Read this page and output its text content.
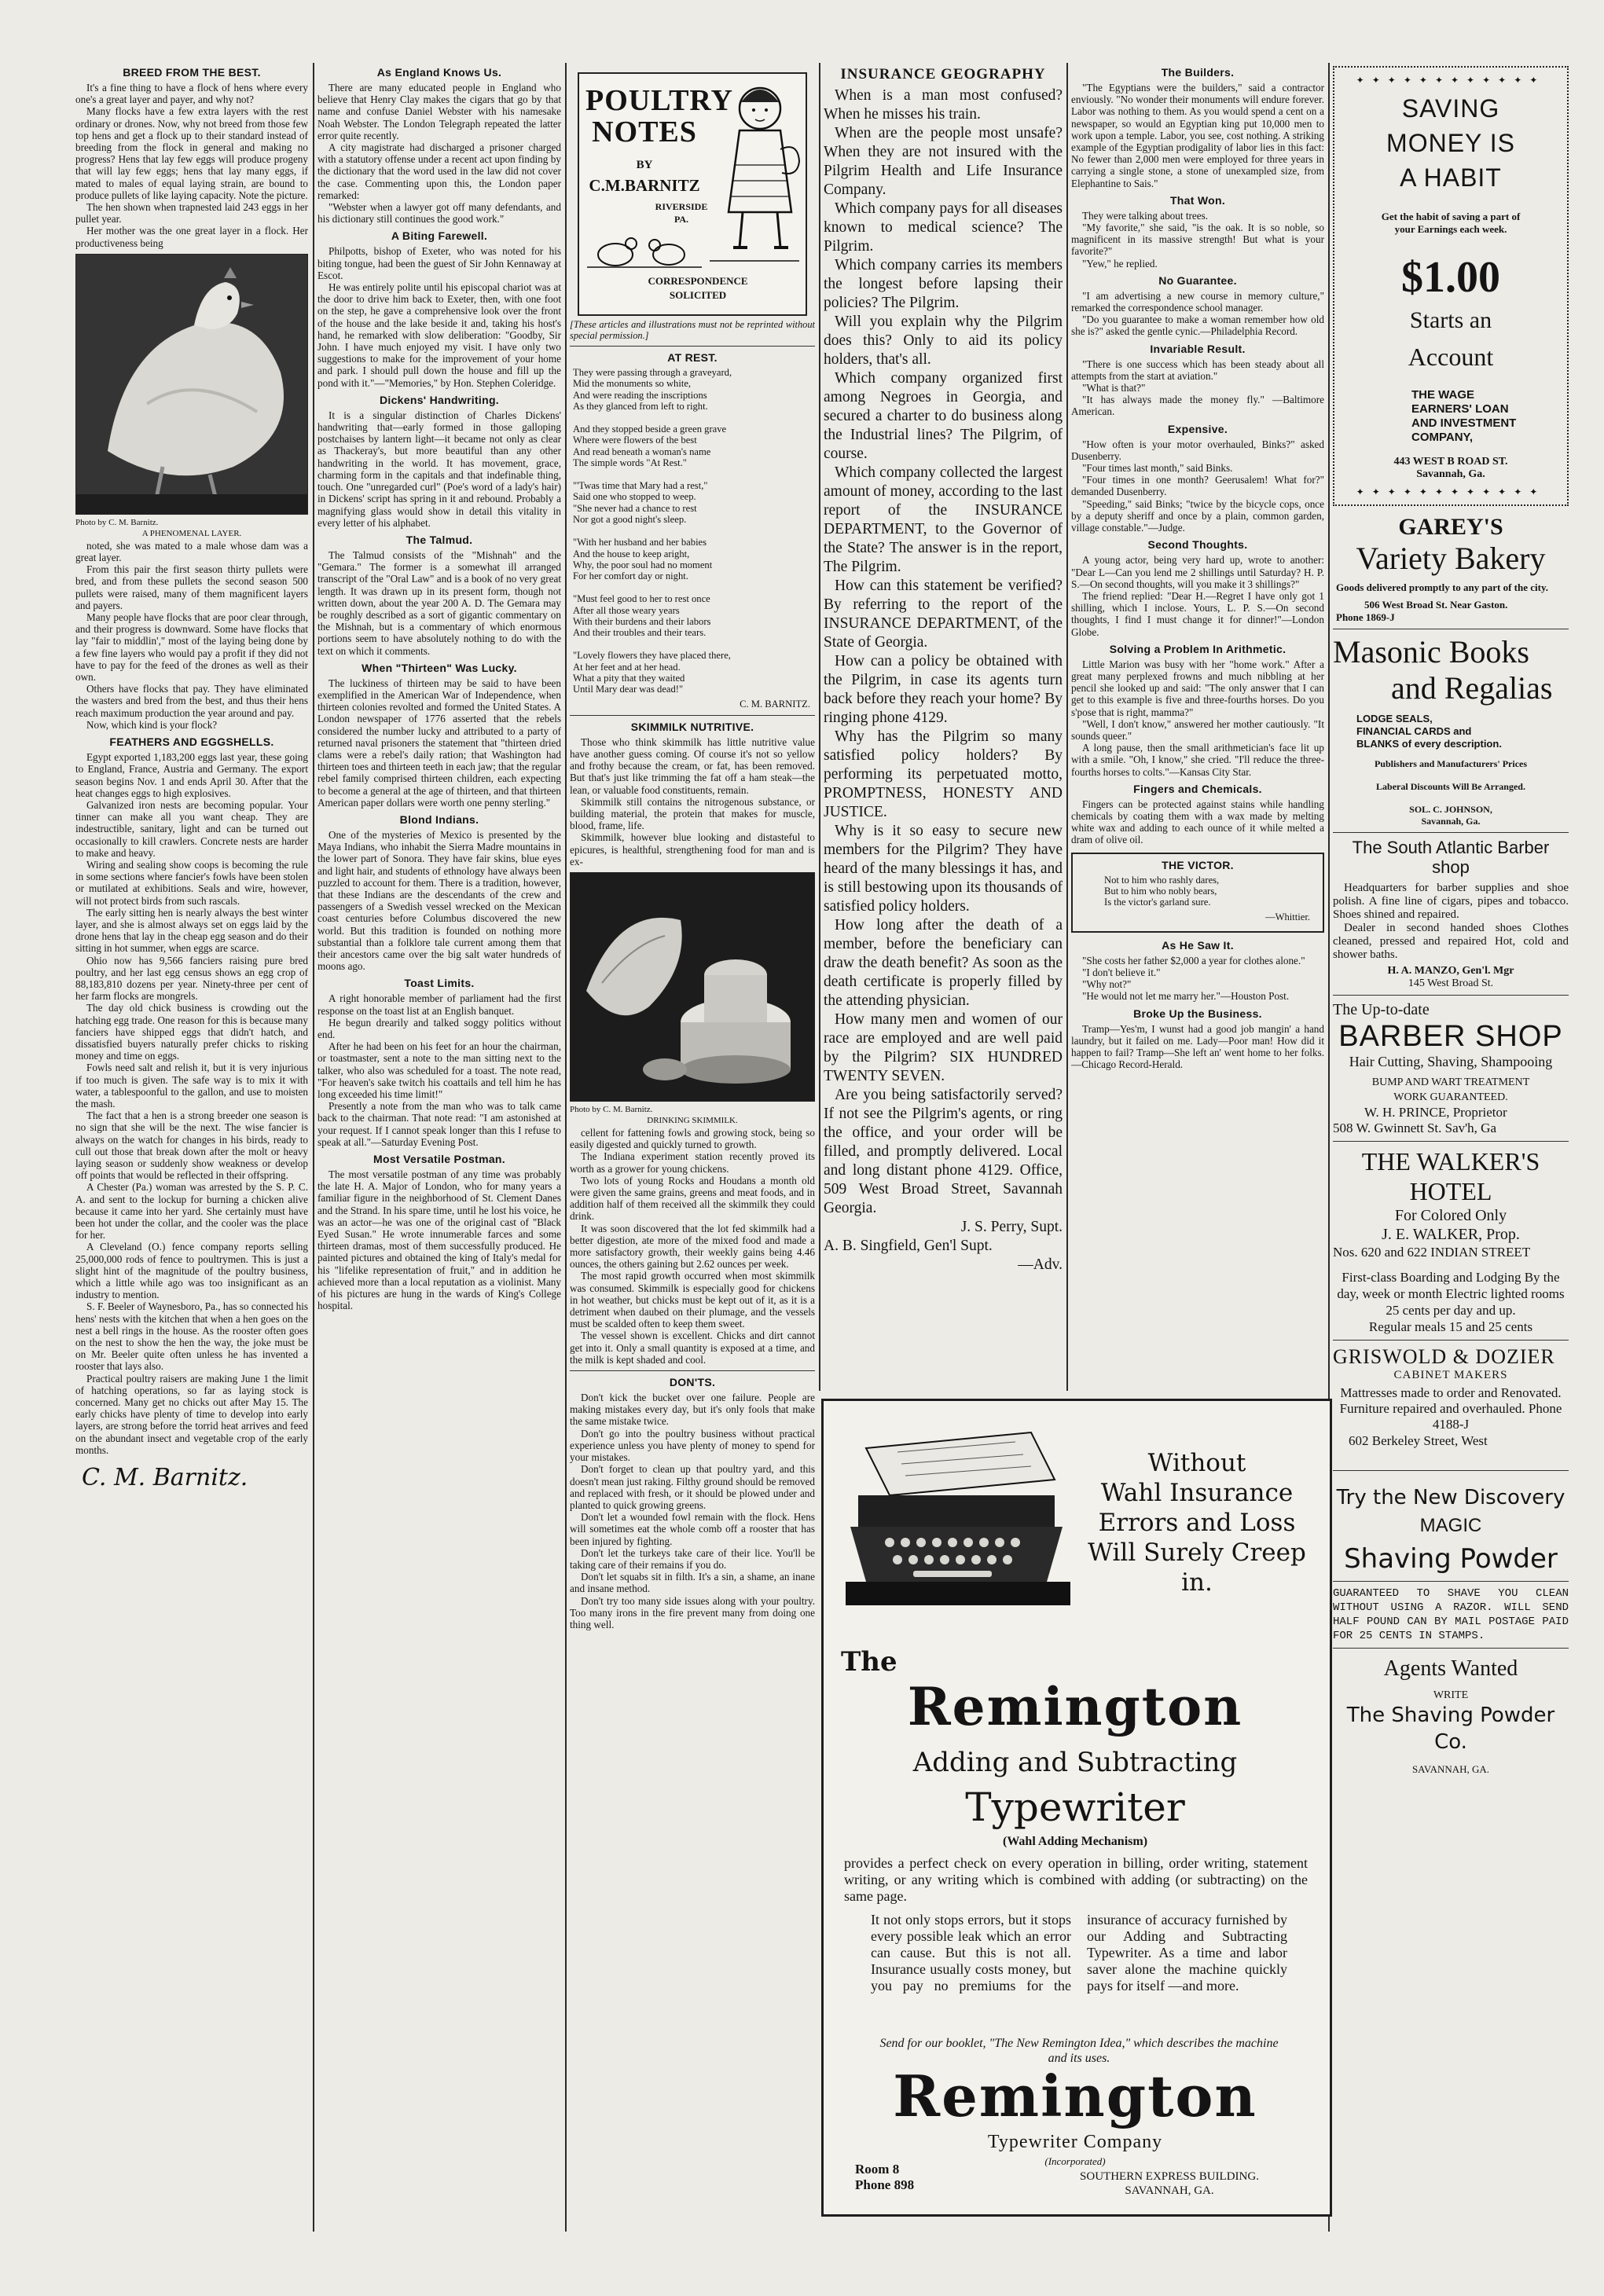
BREED FROM THE BEST.

It's a fine thing to have a flock of hens where every one's a great layer and payer, and why not?

Many flocks have a few extra layers with the rest ordinary or drones. Now, why not breed from those few top hens and get a flock up to their standard instead of breeding from the flock in general and making no progress? Hens that lay few eggs will produce progeny that will lay few eggs; hens that lay many eggs, if mated to males of equal laying strain, are bound to produce pullets of like laying capacity. Note the picture.

The hen shown when trapnested laid 243 eggs in her pullet year.

Her mother was the one great layer in a flock. Her productiveness being

Photo by C. M. Barnitz.
A PHENOMENAL LAYER.

noted, she was mated to a male whose dam was a great layer.

From this pair the first season thirty pullets were bred, and from these pullets the second season 500 pullets were raised, many of them magnificent layers and payers.

Many people have flocks that are poor clear through, and their progress is downward. Some have flocks that lay "fair to middlin'," most of the laying being done by a few fine layers who would pay a profit if they did not have to pay for the feed of the drones as well as their own.

Others have flocks that pay. They have eliminated the wasters and bred from the best, and thus their hens reach maximum production the year around and pay.

Now, which kind is your flock?

FEATHERS AND EGGSHELLS.

Egypt exported 1,183,200 eggs last year, these going to England, France, Austria and Germany. The export season begins Nov. 1 and ends April 30. After that the heat changes eggs to high explosives.

Galvanized iron nests are becoming popular. Your tinner can make all you want cheap. They are indestructible, sanitary, light and can be turned out occasionally to kill crawlers. Concrete nests are harder to make and heavy.

Wiring and sealing show coops is becoming the rule in some sections where fancier's fowls have been stolen or mutilated at exhibitions. Seals and wire, however, will not protect birds from such rascals.

The early sitting hen is nearly always the best winter layer, and she is almost always set on eggs laid by the drone hens that lay in the cheap egg season and do their sitting in hot summer, when eggs are scarce.

Ohio now has 9,566 fanciers raising pure bred poultry, and her last egg census shows an egg crop of 88,183,810 dozens per year. Ninety-three per cent of her farm flocks are mongrels.

The day old chick business is crowding out the hatching egg trade. One reason for this is because many fanciers have shipped eggs that didn't hatch, and dissatisfied buyers naturally prefer chicks to risking money and time on eggs.

Fowls need salt and relish it, but it is very injurious if too much is given. The safe way is to mix it with water, a tablespoonful to the gallon, and use to moisten the mash.

The fact that a hen is a strong breeder one season is no sign that she will be the next. The wise fancier is always on the watch for changes in his birds, ready to cull out those that break down after the molt or heavy laying season or suddenly show weakness or develop off points that would be reflected in their offspring.

A Chester (Pa.) woman was arrested by the S. P. C. A. and sent to the lockup for burning a chicken alive because it came into her yard. She certainly must have been hot under the collar, and the cooler was the place for her.

A Cleveland (O.) fence company reports selling 25,000,000 rods of fence to poultrymen. This is just a slight hint of the magnitude of the poultry business, which a little while ago was too insignificant as an industry to mention.

S. F. Beeler of Waynesboro, Pa., has so connected his hens' nests with the kitchen that when a hen goes on the nest a bell rings in the house. As the rooster often goes on the nest to show the hen the way, the joke must be on Mr. Beeler quite often unless he has invented a rooster that lays also.

Practical poultry raisers are making June 1 the limit of hatching operations, so far as laying stock is concerned. Many get no chicks out after May 15. The early chicks have plenty of time to develop into early layers, are strong before the torrid heat arrives and feed on the abundant insect and vegetable crop of the early months.

C. M. Barnitz.
As England Knows Us.

There are many educated people in England who believe that Henry Clay makes the cigars that go by that name and confuse Daniel Webster with his namesake Noah Webster. The London Telegraph repeated the latter error quite recently.

A city magistrate had discharged a prisoner charged with a statutory offense under a recent act upon finding by the dictionary that the word used in the law did not cover the case. Commenting upon this, the London paper remarked:

"Webster when a lawyer got off many defendants, and his dictionary still continues the good work."

A Biting Farewell.

Philpotts, bishop of Exeter, who was noted for his biting tongue, had been the guest of Sir John Kennaway at Escot.

He was entirely polite until his episcopal chariot was at the door to drive him back to Exeter, then, with one foot on the step, he gave a comprehensive look over the front of the house and the lake beside it and, taking his host's hand, he remarked with slow deliberation: "Goodby, Sir John. I have much enjoyed my visit. I have only two suggestions to make for the improvement of your home and park. I should pull down the house and fill up the pond with it."—"Memories," by Hon. Stephen Coleridge.

Dickens' Handwriting.

It is a singular distinction of Charles Dickens' handwriting that—early formed in those galloping postchaises by lantern light—it became not only as clear as Thackeray's, but more beautiful than any other handwriting in the world. It has movement, grace, charming form in the capitals and that indefinable thing, touch. One "unregarded curl" (Poe's word of a lady's hair) in Dickens' script has spring in it and rebound. Probably a magnifying glass would show in detail this vitality in every letter of his alphabet.

The Talmud.

The Talmud consists of the "Mishnah" and the "Gemara." The former is a somewhat ill arranged transcript of the "Oral Law" and is a book of no very great length. It was drawn up in its present form, though not written down, about the year 200 A. D. The Gemara may be roughly described as a sort of gigantic commentary on the Mishnah, but is a commentary of which enormous portions seem to have absolutely nothing to do with the text on which it comments.

When "Thirteen" Was Lucky.

The luckiness of thirteen may be said to have been exemplified in the American War of Independence, when thirteen colonies revolted and formed the United States. A London newspaper of 1776 asserted that the rebels considered the number lucky and attributed to a party of returned naval prisoners the statement that "thirteen dried clams were a rebel's daily ration; that Washington had thirteen toes and thirteen teeth in each jaw; that the regular rebel family comprised thirteen children, each expecting to become a general at the age of thirteen, and that thirteen American paper dollars were worth one penny sterling."

Blond Indians.

One of the mysteries of Mexico is presented by the Maya Indians, who inhabit the Sierra Madre mountains in the lower part of Sonora. They have fair skins, blue eyes and light hair, and students of ethnology have always been puzzled to account for them. There is a tradition, however, that these Indians are the descendants of the crew and passengers of a Swedish vessel wrecked on the Mexican coast centuries before Columbus discovered the new world. But this tradition is founded on nothing more substantial than a folklore tale current among them that their ancestors came over the big salt water hundreds of moons ago.

Toast Limits.

A right honorable member of parliament had the first response on the toast list at an English banquet.

He begun drearily and talked soggy politics without end.

After he had been on his feet for an hour the chairman, or toastmaster, sent a note to the man sitting next to the talker, who also was scheduled for a toast. The note read, "For heaven's sake twitch his coattails and tell him he has long exceeded his time limit!"

Presently a note from the man who was to talk came back to the chairman. That note read: "I am astonished at your request. If I cannot speak longer than this I refuse to speak at all."—Saturday Evening Post.

Most Versatile Postman.

The most versatile postman of any time was probably the late H. A. Major of London, who for many years a familiar figure in the neighborhood of St. Clement Danes and the Strand. In his spare time, until he lost his voice, he was an actor—he was one of the original cast of "Black Eyed Susan." He wrote innumerable farces and some thirteen dramas, most of them successfully produced. He painted pictures and obtained the king of Italy's medal for his "lifelike representation of fruit," and in addition he achieved more than a local reputation as a violinist. Many of his pictures are hung in the wards of King's College hospital.

POULTRY
NOTES
BY
C.M.BARNITZ
RIVERSIDE
PA.
CORRESPONDENCE
SOLICITED
[These articles and illustrations must not be reprinted without special permission.]
AT REST.
They were passing through a graveyard,
Mid the monuments so white,
And were reading the inscriptions
As they glanced from left to right.

And they stopped beside a green grave
Where were flowers of the best
And read beneath a woman's name
The simple words "At Rest."

"'Twas time that Mary had a rest,"
Said one who stopped to weep.
"She never had a chance to rest
Nor got a good night's sleep.

"With her husband and her babies
And the house to keep aright,
Why, the poor soul had no moment
For her comfort day or night.

"Must feel good to her to rest once
After all those weary years
With their burdens and their labors
And their troubles and their tears.

"Lovely flowers they have placed there,
At her feet and at her head.
What a pity that they waited
Until Mary dear was dead!"
C. M. BARNITZ.
SKIMMILK NUTRITIVE.

Those who think skimmilk has little nutritive value have another guess coming. Of course it's not so yellow and frothy because the cream, or fat, has been removed. But that's just like trimming the fat off a ham steak—the lean, or valuable food constituents, remain.

Skimmilk still contains the nitrogenous substance, or building material, the protein that makes for muscle, blood, frame, life.

Skimmilk, however blue looking and distasteful to epicures, is healthful, strengthening food for man and is ex-

Photo by C. M. Barnitz.
DRINKING SKIMMILK.

cellent for fattening fowls and growing stock, being so easily digested and quickly turned to growth.

The Indiana experiment station recently proved its worth as a grower for young chickens.

Two lots of young Rocks and Houdans a month old were given the same grains, greens and meat foods, and in addition half of them received all the skimmilk they could drink.

It was soon discovered that the lot fed skimmilk had a better digestion, ate more of the mixed food and made a more satisfactory growth, their weekly gains being 4.46 ounces, the others gaining but 2.62 ounces per week.

The most rapid growth occurred when most skimmilk was consumed. Skimmilk is especially good for chickens in hot weather, but chicks must be kept out of it, as it is a detriment when daubed on their plumage, and the vessels must be scalded often to keep them sweet.

The vessel shown is excellent. Chicks and dirt cannot get into it. Only a small quantity is exposed at a time, and the milk is kept shaded and cool.

DON'TS.

Don't kick the bucket over one failure. People are making mistakes every day, but it's only fools that make the same mistake twice.

Don't go into the poultry business without practical experience unless you have plenty of money to spend for your mistakes.

Don't forget to clean up that poultry yard, and this doesn't mean just raking. Filthy ground should be removed and replaced with fresh, or it should be plowed under and planted to quick growing greens.

Don't let a wounded fowl remain with the flock. Hens will sometimes eat the whole comb off a rooster that has been injured by fighting.

Don't let the turkeys take care of their lice. You'll be taking care of their remains if you do.

Don't let squabs sit in filth. It's a sin, a shame, an inane and insane method.

Don't try too many side issues along with your poultry. Too many irons in the fire prevent many from doing one thing well.

INSURANCE GEOGRAPHY

When is a man most confused? When he misses his train.

When are the people most unsafe? When they are not insured with the Pilgrim Health and Life Insurance Company.

Which company pays for all diseases known to medical science? The Pilgrim.

Which company carries its members the longest before lapsing their policies? The Pilgrim.

Will you explain why the Pilgrim does this? Only to aid its policy holders, that's all.

Which company organized first among Negroes in Georgia, and secured a charter to do business along the Industrial lines? The Pilgrim, of course.

Which company collected the largest amount of money, according to the last report of the INSURANCE DEPARTMENT, to the Governor of the State? The answer is in the report, The Pilgrim.

How can this statement be verified? By referring to the report of the INSURANCE DEPARTMENT, of the State of Georgia.

How can a policy be obtained with the Pilgrim, in case its agents turn back before they reach your home? By ringing phone 4129.

Why has the Pilgrim so many satisfied policy holders? By performing its perpetuated motto, PROMPTNESS, HONESTY AND JUSTICE.

Why is it so easy to secure new members for the Pilgrim? They have heard of the many blessings it has, and is still bestowing upon its thousands of satisfied policy holders.

How long after the death of a member, before the beneficiary can draw the death benefit? As soon as the death certificate is properly filled by the attending physician.

How many men and women of our race are employed and are well paid by the Pilgrim? SIX HUNDRED TWENTY SEVEN.

Are you being satisfactorily served? If not see the Pilgrim's agents, or ring the office, and your order will be filled, and promptly delivered. Local and long distant phone 4129. Office, 509 West Broad Street, Savannah Georgia.

J. S. Perry, Supt.
A. B. Singfield, Gen'l Supt.
—Adv.
The Builders.

"The Egyptians were the builders," said a contractor enviously. "No wonder their monuments will endure forever. Labor was nothing to them. As you would spend a cent on a newspaper, so would an Egyptian king put 10,000 men to work upon a temple. Labor, you see, cost nothing. A striking example of the Egyptian prodigality of labor lies in this fact: No fewer than 2,000 men were employed for three years in carrying a single stone, a stone of unexampled size, from Elephantine to Sais."

That Won.

They were talking about trees.

"My favorite," she said, "is the oak. It is so noble, so magnificent in its massive strength! But what is your favorite?"

"Yew," he replied.

No Guarantee.

"I am advertising a new course in memory culture," remarked the correspondence school manager.

"Do you guarantee to make a woman remember how old she is?" asked the gentle cynic.—Philadelphia Record.

Invariable Result.

"There is one success which has been steady about all attempts from the start at aviation."

"What is that?"

"It has always made the money fly." —Baltimore American.

Expensive.

"How often is your motor overhauled, Binks?" asked Dusenberry.

"Four times last month," said Binks.

"Four times in one month? Geerusalem! What for?" demanded Dusenberry.

"Speeding," said Binks; "twice by the bicycle cops, once by a deputy sheriff and once by a plain, common garden, village constable."—Judge.

Second Thoughts.

A young actor, being very hard up, wrote to another: "Dear L—Can you lend me 2 shillings until Saturday? H. P. S.—On second thoughts, will you make it 3 shillings?"

The friend replied: "Dear H.—Regret I have only got 1 shilling, which I inclose. Yours, L. P. S.—On second thoughts, I find I must change it for dinner!"—London Globe.

Solving a Problem In Arithmetic.

Little Marion was busy with her "home work." After a great many perplexed frowns and much nibbling at her pencil she looked up and said: "The only answer that I can get to this example is five and three-fourths horses. Do you s'pose that is right, mamma?"

"Well, I don't know," answered her mother cautiously. "It sounds queer."

A long pause, then the small arithmetician's face lit up with a smile. "Oh, I know," she cried. "I'll reduce the three-fourths horses to colts."—Kansas City Star.

Fingers and Chemicals.

Fingers can be protected against stains while handling chemicals by coating them with a wax made by melting white wax and adding to each ounce of it while melted a dram of olive oil.

THE VICTOR.
Not to him who rashly dares,
But to him who nobly bears,
Is the victor's garland sure.
—Whittier.
As He Saw It.

"She costs her father $2,000 a year for clothes alone."

"I don't believe it."

"Why not?"

"He would not let me marry her."—Houston Post.

Broke Up the Business.

Tramp—Yes'm, I wunst had a good job mangin' a hand laundry, but it failed on me. Lady—Poor man! How did it happen to fail? Tramp—She left an' went home to her folks.—Chicago Record-Herald.

Without
Wahl Insurance
Errors and Loss
Will Surely Creep in.
The
Remington
Adding and Subtracting
Typewriter
(Wahl Adding Mechanism)
provides a perfect check on every operation in billing, order writing, statement writing, or any writing which is combined with adding (or subtracting) on the same page.
It not only stops errors, but it stops every possible leak which an error can cause. But this is not all. Insurance usually costs money, but you pay no premiums for the insurance of accuracy furnished by our Adding and Subtracting Typewriter. As a time and labor saver alone the machine quickly pays for itself —and more.
Send for our booklet, "The New Remington Idea," which describes the machine and its uses.
Remington
Typewriter Company
(Incorporated)
Room 8
Phone 898
SOUTHERN EXPRESS BUILDING.
SAVANNAH, GA.
✦✦✦✦✦✦✦✦✦✦✦✦
SAVING
MONEY IS
A HABIT
Get the habit of saving a part of your Earnings each week.
$1.00
Starts an
Account
THE WAGE
EARNERS' LOAN
AND INVESTMENT
COMPANY,
443 WEST B ROAD ST.
Savannah, Ga.
✦✦✦✦✦✦✦✦✦✦✦✦
GAREY'S
Variety Bakery
Goods delivered promptly to any part of the city.
506 West Broad St. Near Gaston.
Phone 1869-J
Masonic Books
and Regalias
LODGE SEALS,
FINANCIAL CARDS and
BLANKS of every description.
Publishers and Manufacturers' Prices
Laberal Discounts Will Be Arranged.
SOL. C. JOHNSON,
Savannah, Ga.
The South Atlantic Barber shop

Headquarters for barber supplies and shoe polish. A fine line of cigars, pipes and tobacco. Shoes shined and repaired.

Dealer in second handed shoes Clothes cleaned, pressed and repaired Hot, cold and shower baths.

H. A. MANZO, Gen'l. Mgr
145 West Broad St.
The Up-to-date
BARBER SHOP
Hair Cutting, Shaving, Shampooing
BUMP AND WART TREATMENT
WORK GUARANTEED.
W. H. PRINCE, Proprietor
508 W. Gwinnett St. Sav'h, Ga
THE WALKER'S HOTEL
For Colored Only
J. E. WALKER, Prop.
Nos. 620 and 622 INDIAN STREET
First-class Boarding and Lodging By the day, week or month Electric lighted rooms 25 cents per day and up.
Regular meals 15 and 25 cents
GRISWOLD & DOZIER
CABINET MAKERS
Mattresses made to order and Renovated. Furniture repaired and overhauled. Phone 4188-J
602 Berkeley Street, West
Try the New Discovery
MAGIC
Shaving Powder
GUARANTEED TO SHAVE YOU CLEAN WITHOUT USING A RAZOR. WILL SEND HALF POUND CAN BY MAIL POSTAGE PAID FOR 25 CENTS IN STAMPS.
Agents Wanted
WRITE
The Shaving Powder Co.
SAVANNAH, GA.
